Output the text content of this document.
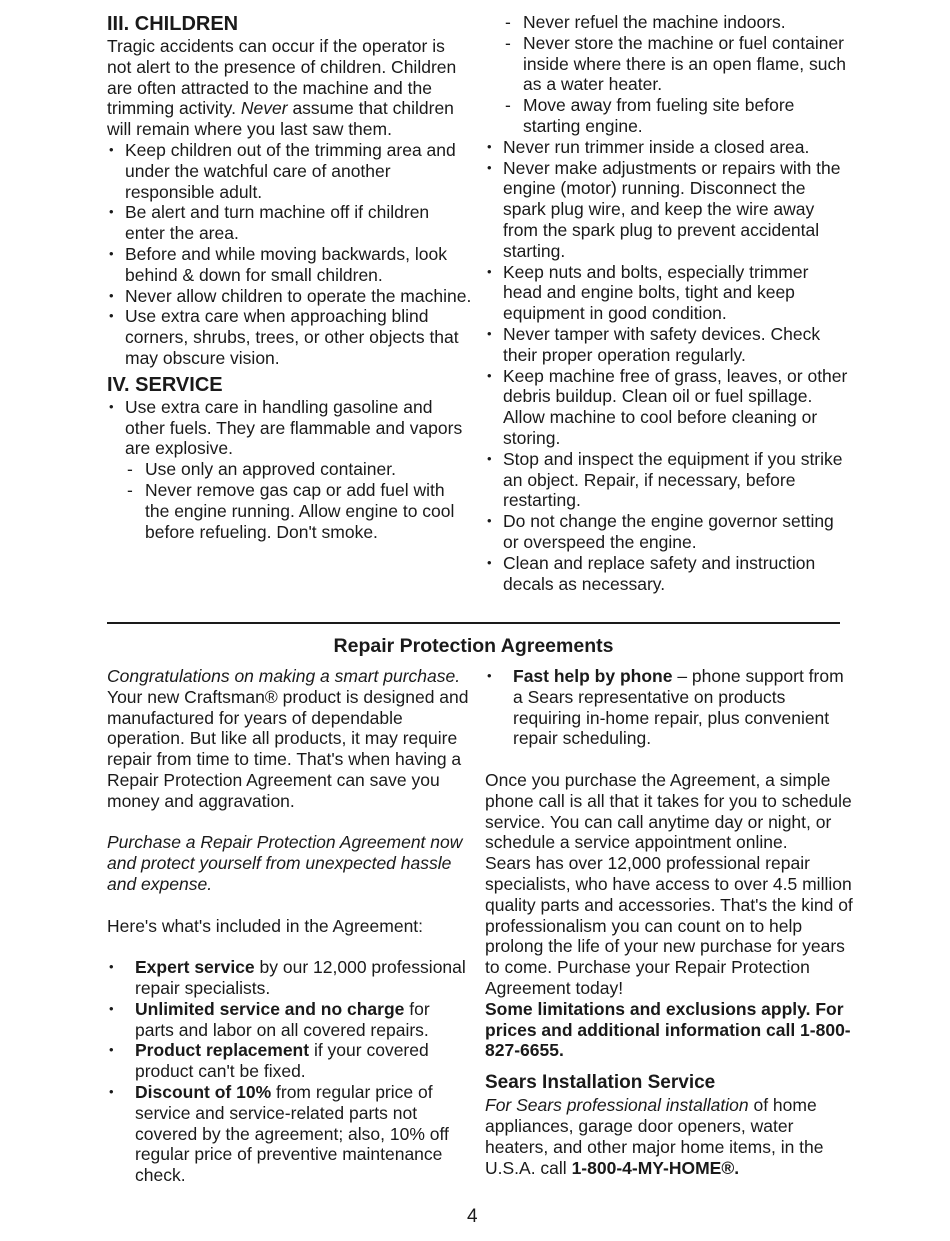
III. CHILDREN

Tragic accidents can occur if the operator is not alert to the presence of children. Children are often attracted to the machine and the trimming activity. Never assume that children will remain where you last saw them.

• Keep children out of the trimming area and under the watchful care of another responsible adult.
• Be alert and turn machine off if children enter the area.
• Before and while moving backwards, look behind & down for small children.
• Never allow children to operate the machine.
• Use extra care when approaching blind corners, shrubs, trees, or other objects that may obscure vision.
IV. SERVICE
• Use extra care in handling gasoline and other fuels. They are flammable and vapors are explosive.
- Use only an approved container.
- Never remove gas cap or add fuel with the engine running. Allow engine to cool before refueling. Don't smoke.
- Never refuel the machine indoors.
- Never store the machine or fuel container inside where there is an open flame, such as a water heater.
- Move away from fueling site before starting engine.
• Never run trimmer inside a closed area.
• Never make adjustments or repairs with the engine (motor) running. Disconnect the spark plug wire, and keep the wire away from the spark plug to prevent accidental starting.
• Keep nuts and bolts, especially trimmer head and engine bolts, tight and keep equipment in good condition.
• Never tamper with safety devices. Check their proper operation regularly.
• Keep machine free of grass, leaves, or other debris buildup. Clean oil or fuel spillage. Allow machine to cool before cleaning or storing.
• Stop and inspect the equipment if you strike an object. Repair, if necessary, before restarting.
• Do not change the engine governor setting or overspeed the engine.
• Clean and replace safety and instruction decals as necessary.
Repair Protection Agreements

Congratulations on making a smart purchase. Your new Craftsman® product is designed and manufactured for years of dependable operation. But like all products, it may require repair from time to time. That's when having a Repair Protection Agreement can save you money and aggravation.

Purchase a Repair Protection Agreement now and protect yourself from unexpected hassle and expense.

Here's what's included in the Agreement:

• Expert service by our 12,000 professional repair specialists.
• Unlimited service and no charge for parts and labor on all covered repairs.
• Product replacement if your covered product can't be fixed.
• Discount of 10% from regular price of service and service-related parts not covered by the agreement; also, 10% off regular price of preventive maintenance check.
• Fast help by phone – phone support from a Sears representative on products requiring in-home repair, plus convenient repair scheduling.

Once you purchase the Agreement, a simple phone call is all that it takes for you to schedule service. You can call anytime day or night, or schedule a service appointment online.

Sears has over 12,000 professional repair specialists, who have access to over 4.5 million quality parts and accessories. That's the kind of professionalism you can count on to help prolong the life of your new purchase for years to come. Purchase your Repair Protection Agreement today!

Some limitations and exclusions apply. For prices and additional information call 1-800-827-6655.

Sears Installation Service

For Sears professional installation of home appliances, garage door openers, water heaters, and other major home items, in the U.S.A. call 1-800-4-MY-HOME®.

4
